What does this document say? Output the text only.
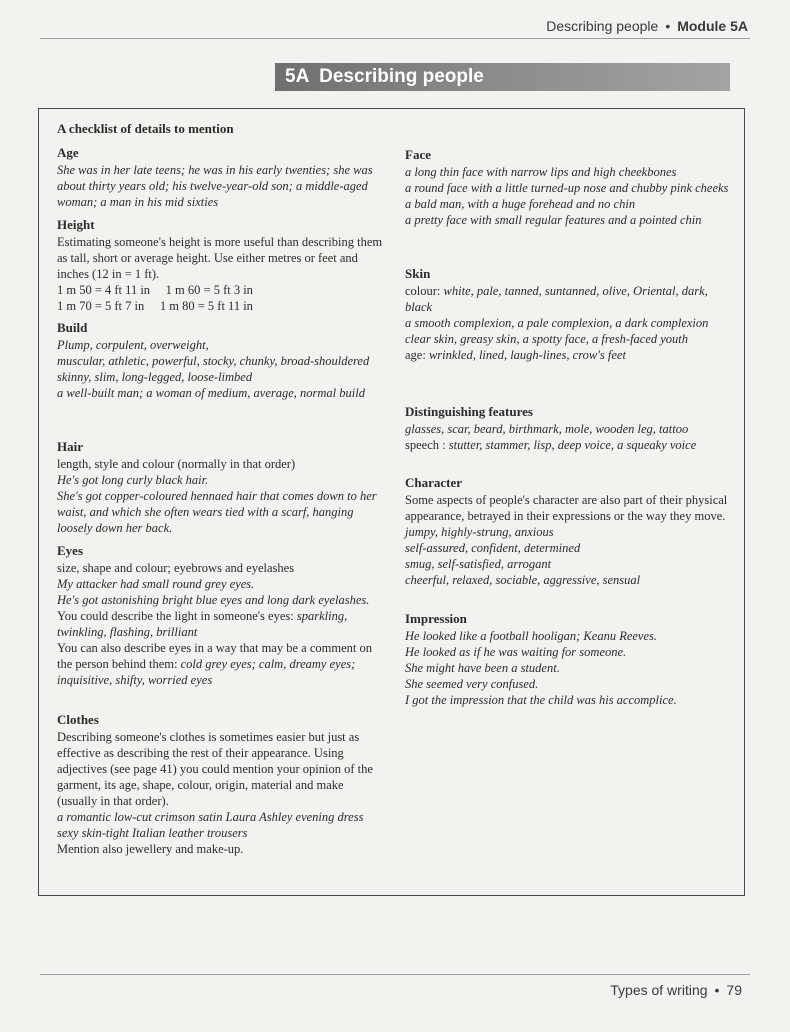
Describing people • Module 5A
5A  Describing people
A checklist of details to mention
Age

She was in her late teens; he was in his early twenties; she was about thirty years old; his twelve-year-old son; a middle-aged woman; a man in his mid sixties

Height

Estimating someone's height is more useful than describing them as tall, short or average height. Use either metres or feet and inches (12 in = 1 ft).

1 m 50 = 4 ft 11 in     1 m 60 = 5 ft 3 in

1 m 70 = 5 ft 7 in     1 m 80 = 5 ft 11 in

Build

Plump, corpulent, overweight,

muscular, athletic, powerful, stocky, chunky, broad-shouldered

skinny, slim, long-legged, loose-limbed

a well-built man; a woman of medium, average, normal build

Hair

length, style and colour (normally in that order)

He's got long curly black hair.

She's got copper-coloured hennaed hair that comes down to her waist, and which she often wears tied with a scarf, hanging loosely down her back.

Eyes

size, shape and colour; eyebrows and eyelashes

My attacker had small round grey eyes.

He's got astonishing bright blue eyes and long dark eyelashes.

You could describe the light in someone's eyes: sparkling, twinkling, flashing, brilliant

You can also describe eyes in a way that may be a comment on the person behind them: cold grey eyes; calm, dreamy eyes; inquisitive, shifty, worried eyes

Clothes

Describing someone's clothes is sometimes easier but just as effective as describing the rest of their appearance. Using adjectives (see page 41) you could mention your opinion of the garment, its age, shape, colour, origin, material and make (usually in that order).

a romantic low-cut crimson satin Laura Ashley evening dress

sexy skin-tight Italian leather trousers

Mention also jewellery and make-up.

Face

a long thin face with narrow lips and high cheekbones

a round face with a little turned-up nose and chubby pink cheeks

a bald man, with a huge forehead and no chin

a pretty face with small regular features and a pointed chin

Skin

colour: white, pale, tanned, suntanned, olive, Oriental, dark, black

a smooth complexion, a pale complexion, a dark complexion

clear skin, greasy skin, a spotty face, a fresh-faced youth

age: wrinkled, lined, laugh-lines, crow's feet

Distinguishing features

glasses, scar, beard, birthmark, mole, wooden leg, tattoo

speech : stutter, stammer, lisp, deep voice, a squeaky voice

Character

Some aspects of people's character are also part of their physical appearance, betrayed in their expressions or the way they move.

jumpy, highly-strung, anxious

self-assured, confident, determined

smug, self-satisfied, arrogant

cheerful, relaxed, sociable, aggressive, sensual

Impression

He looked like a football hooligan; Keanu Reeves.

He looked as if he was waiting for someone.

She might have been a student.

She seemed very confused.

I got the impression that the child was his accomplice.

Types of writing • 79
